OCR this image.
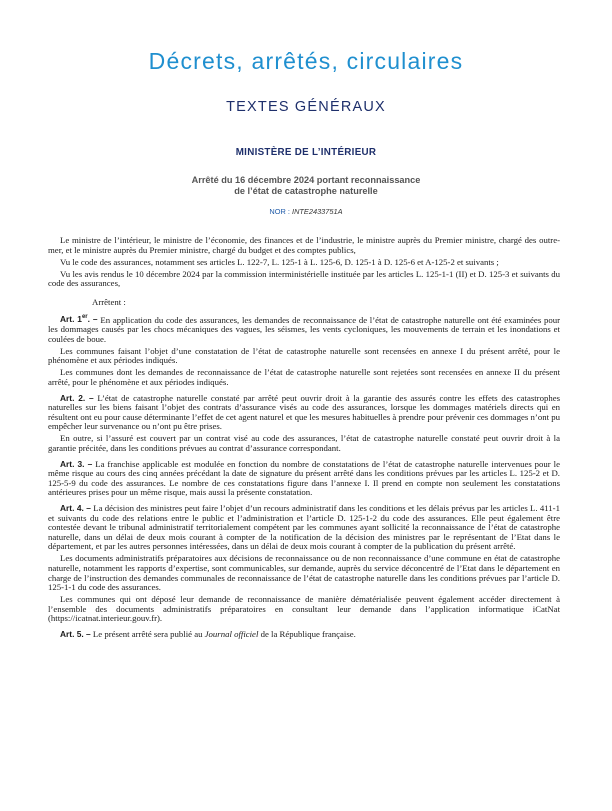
Décrets, arrêtés, circulaires
TEXTES GÉNÉRAUX
MINISTÈRE DE L’INTÉRIEUR
Arrêté du 16 décembre 2024 portant reconnaissance
de l’état de catastrophe naturelle
NOR : INTE2433751A

Le ministre de l’intérieur, le ministre de l’économie, des finances et de l’industrie, le ministre auprès du Premier ministre, chargé des outre-mer, et le ministre auprès du Premier ministre, chargé du budget et des comptes publics,

Vu le code des assurances, notamment ses articles L. 122-7, L. 125-1 à L. 125-6, D. 125-1 à D. 125-6 et A-125-2 et suivants ;

Vu les avis rendus le 10 décembre 2024 par la commission interministérielle instituée par les articles L. 125-1-1 (II) et D. 125-3 et suivants du code des assurances,

Arrêtent :

Art. 1er. – En application du code des assurances, les demandes de reconnaissance de l’état de catastrophe naturelle ont été examinées pour les dommages causés par les chocs mécaniques des vagues, les séismes, les vents cycloniques, les mouvements de terrain et les inondations et coulées de boue.

Les communes faisant l’objet d’une constatation de l’état de catastrophe naturelle sont recensées en annexe I du présent arrêté, pour le phénomène et aux périodes indiqués.

Les communes dont les demandes de reconnaissance de l’état de catastrophe naturelle sont rejetées sont recensées en annexe II du présent arrêté, pour le phénomène et aux périodes indiqués.

Art. 2. – L’état de catastrophe naturelle constaté par arrêté peut ouvrir droit à la garantie des assurés contre les effets des catastrophes naturelles sur les biens faisant l’objet des contrats d’assurance visés au code des assurances, lorsque les dommages matériels directs qui en résultent ont eu pour cause déterminante l’effet de cet agent naturel et que les mesures habituelles à prendre pour prévenir ces dommages n’ont pu empêcher leur survenance ou n’ont pu être prises.

En outre, si l’assuré est couvert par un contrat visé au code des assurances, l’état de catastrophe naturelle constaté peut ouvrir droit à la garantie précitée, dans les conditions prévues au contrat d’assurance correspondant.

Art. 3. – La franchise applicable est modulée en fonction du nombre de constatations de l’état de catastrophe naturelle intervenues pour le même risque au cours des cinq années précédant la date de signature du présent arrêté dans les conditions prévues par les articles L. 125-2 et D. 125-5-9 du code des assurances. Le nombre de ces constatations figure dans l’annexe I. Il prend en compte non seulement les constatations antérieures prises pour un même risque, mais aussi la présente constatation.

Art. 4. – La décision des ministres peut faire l’objet d’un recours administratif dans les conditions et les délais prévus par les articles L. 411-1 et suivants du code des relations entre le public et l’administration et l’article D. 125-1-2 du code des assurances. Elle peut également être contestée devant le tribunal administratif territorialement compétent par les communes ayant sollicité la reconnaissance de l’état de catastrophe naturelle, dans un délai de deux mois courant à compter de la notification de la décision des ministres par le représentant de l’Etat dans le département, et par les autres personnes intéressées, dans un délai de deux mois courant à compter de la publication du présent arrêté.

Les documents administratifs préparatoires aux décisions de reconnaissance ou de non reconnaissance d’une commune en état de catastrophe naturelle, notamment les rapports d’expertise, sont communicables, sur demande, auprès du service déconcentré de l’Etat dans le département en charge de l’instruction des demandes communales de reconnaissance de l’état de catastrophe naturelle dans les conditions prévues par l’article D. 125-1-1 du code des assurances.

Les communes qui ont déposé leur demande de reconnaissance de manière dématérialisée peuvent également accéder directement à l’ensemble des documents administratifs préparatoires en consultant leur demande dans l’application informatique iCatNat (https://icatnat.interieur.gouv.fr).

Art. 5. – Le présent arrêté sera publié au Journal officiel de la République française.
